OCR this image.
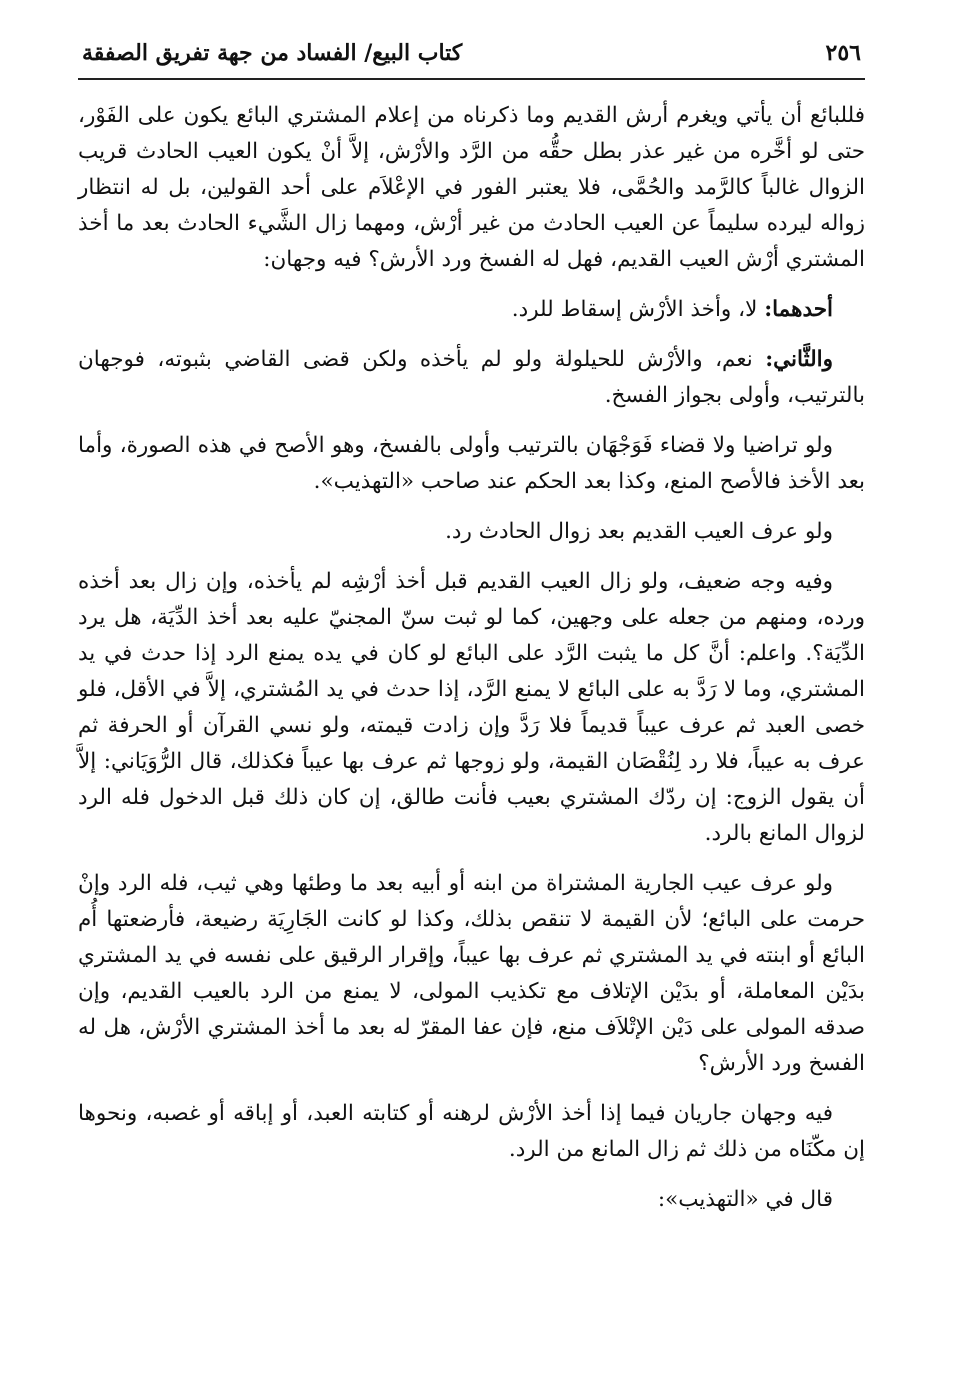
٢٥٦
كتاب البيع/ الفساد من جهة تفريق الصفقة

فللبائع أن يأتي ويغرم أرش القديم وما ذكرناه من إعلام المشتري البائع يكون على الفَوْر، حتى لو أخَّره من غير عذر بطل حقُّه من الرَّد والأرْش، إلاَّ أنْ يكون العيب الحادث قريب الزوال غالباً كالرَّمد والحُمَّى، فلا يعتبر الفور في الإعْلاَم على أحد القولين، بل له انتظار زواله ليرده سليماً عن العيب الحادث من غير أرْش، ومهما زال الشَّيء الحادث بعد ما أخذ المشتري أرْش العيب القديم، فهل له الفسخ ورد الأرش؟ فيه وجهان:

أحدهما: لا، وأخذ الأرْش إسقاط للرد.

والثَّاني: نعم، والأرْش للحيلولة ولو لم يأخذه ولكن قضى القاضي بثبوته، فوجهان بالترتيب، وأولى بجواز الفسخ.

ولو تراضيا ولا قضاء فَوَجْهَان بالترتيب وأولى بالفسخ، وهو الأصح في هذه الصورة، وأما بعد الأخذ فالأصح المنع، وكذا بعد الحكم عند صاحب «التهذيب».

ولو عرف العيب القديم بعد زوال الحادث رد.

وفيه وجه ضعيف، ولو زال العيب القديم قبل أخذ أرْشِه لم يأخذه، وإن زال بعد أخذه ورده، ومنهم من جعله على وجهين، كما لو ثبت سنّ المجنيّ عليه بعد أخذ الدِّيَة، هل يرد الدِّيَة؟. واعلم: أنَّ كل ما يثبت الرَّد على البائع لو كان في يده يمنع الرد إذا حدث في يد المشتري، وما لا رَدَّ به على البائع لا يمنع الرَّد، إذا حدث في يد المُشتري، إلاَّ في الأقل، فلو خصى العبد ثم عرف عيباً قديماً فلا رَدَّ وإن زادت قيمته، ولو نسي القرآن أو الحرفة ثم عرف به عيباً، فلا رد لِنُقْصَان القيمة، ولو زوجها ثم عرف بها عيباً فكذلك، قال الرُّوَيَاني: إلاَّ أن يقول الزوج: إن ردّك المشتري بعيب فأنت طالق، إن كان ذلك قبل الدخول فله الرد لزوال المانع بالرد.

ولو عرف عيب الجارية المشتراة من ابنه أو أبيه بعد ما وطئها وهي ثيب، فله الرد وإنْ حرمت على البائع؛ لأن القيمة لا تنقص بذلك، وكذا لو كانت الجَارِيَة رضيعة، فأرضعتها أُم البائع أو ابنته في يد المشتري ثم عرف بها عيباً، وإقرار الرقيق على نفسه في يد المشتري بدَيْن المعاملة، أو بدَيْن الإتلاف مع تكذيب المولى، لا يمنع من الرد بالعيب القديم، وإن صدقه المولى على دَيْن الإتْلاَف منع، فإن عفا المقرّ له بعد ما أخذ المشتري الأرْش، هل له الفسخ ورد الأرش؟

فيه وجهان جاريان فيما إذا أخذ الأرْش لرهنه أو كتابته العبد، أو إباقه أو غصبه، ونحوها إن مكّنَاه من ذلك ثم زال المانع من الرد.

قال في «التهذيب»:
